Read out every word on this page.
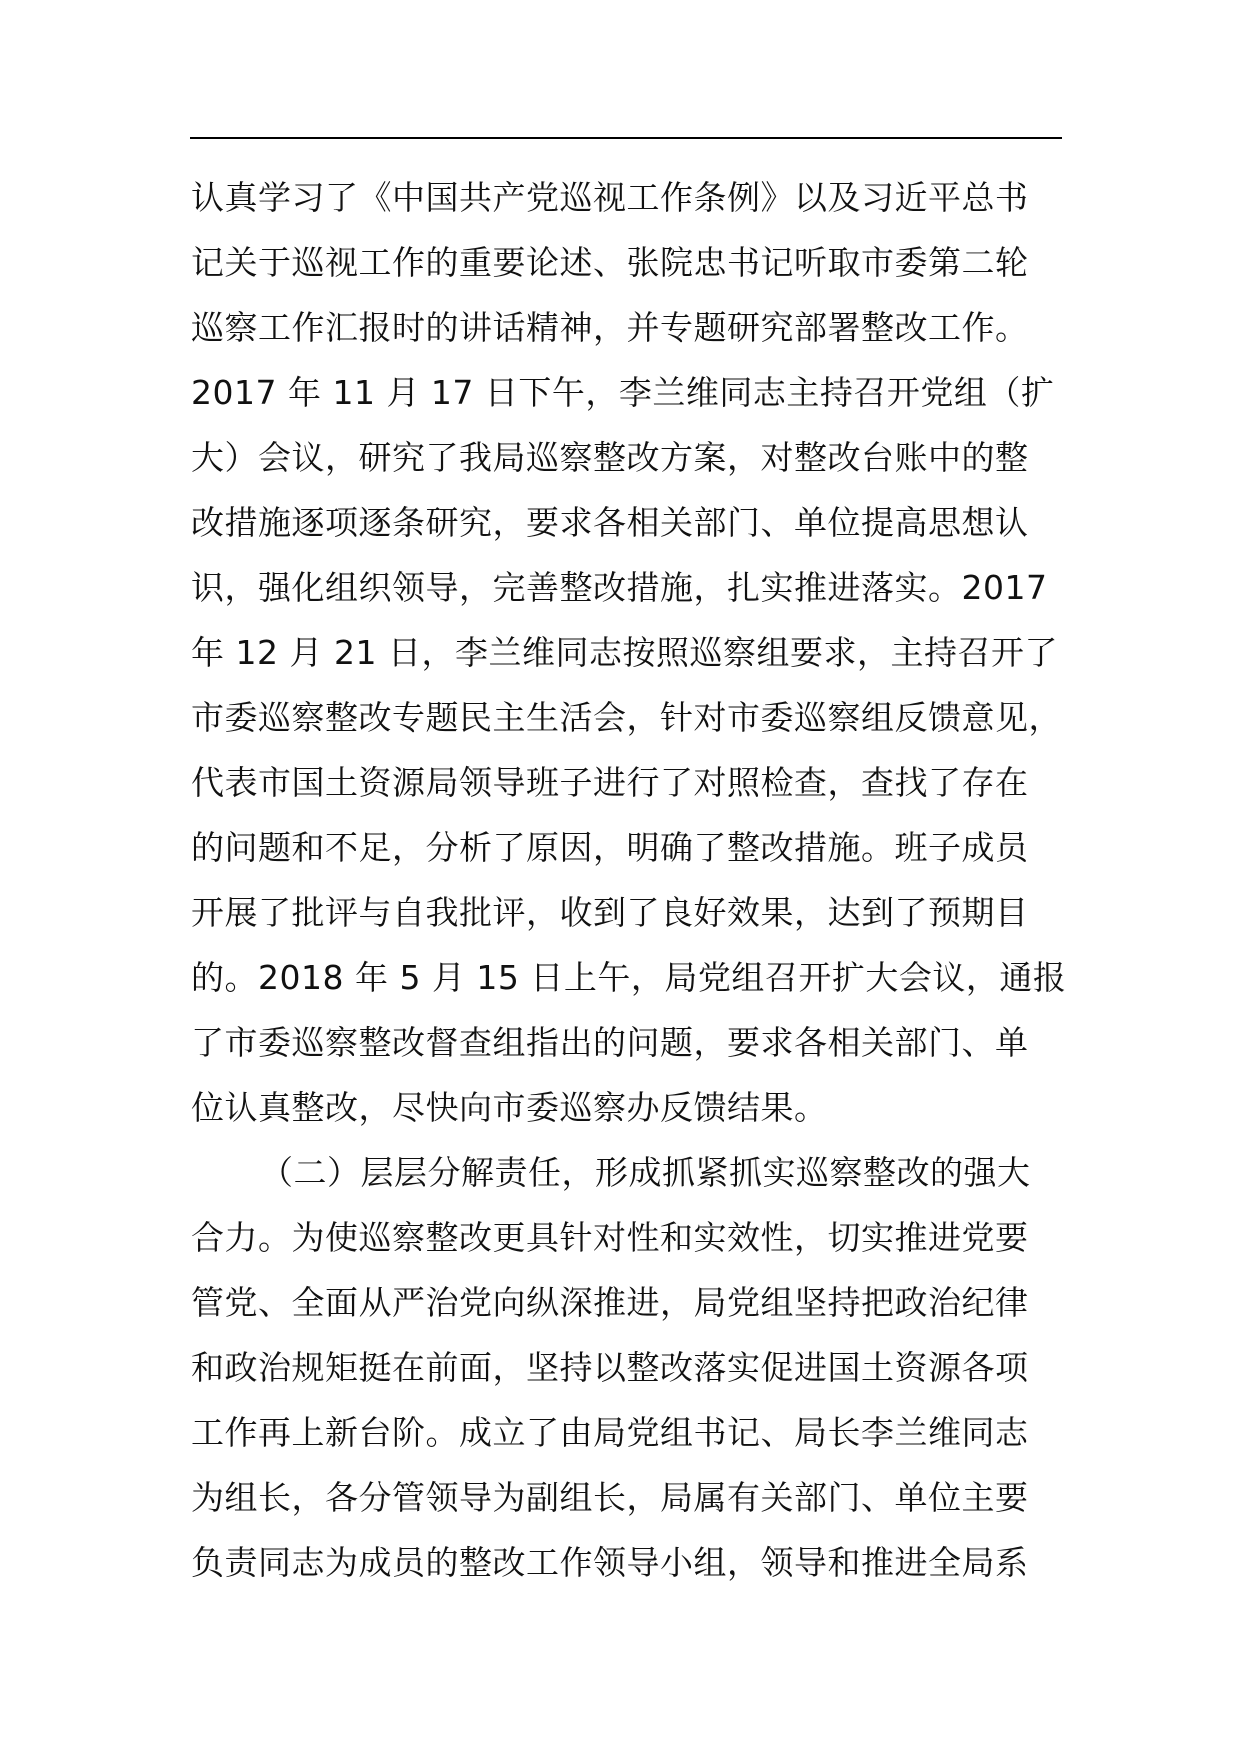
认真学习了《中国共产党巡视工作条例》以及习近平总书
记关于巡视工作的重要论述、张院忠书记听取市委第二轮
巡察工作汇报时的讲话精神，并专题研究部署整改工作。
2017 年 11 月 17 日下午，李兰维同志主持召开党组（扩
大）会议，研究了我局巡察整改方案，对整改台账中的整
改措施逐项逐条研究，要求各相关部门、单位提高思想认
识，强化组织领导，完善整改措施，扎实推进落实。2017
年 12 月 21 日，李兰维同志按照巡察组要求，主持召开了
市委巡察整改专题民主生活会，针对市委巡察组反馈意见，
代表市国土资源局领导班子进行了对照检查，查找了存在
的问题和不足，分析了原因，明确了整改措施。班子成员
开展了批评与自我批评，收到了良好效果，达到了预期目
的。2018 年 5 月 15 日上午，局党组召开扩大会议，通报
了市委巡察整改督查组指出的问题，要求各相关部门、单
位认真整改，尽快向市委巡察办反馈结果。
（二）层层分解责任，形成抓紧抓实巡察整改的强大
合力。为使巡察整改更具针对性和实效性，切实推进党要
管党、全面从严治党向纵深推进，局党组坚持把政治纪律
和政治规矩挺在前面，坚持以整改落实促进国土资源各项
工作再上新台阶。成立了由局党组书记、局长李兰维同志
为组长，各分管领导为副组长，局属有关部门、单位主要
负责同志为成员的整改工作领导小组，领导和推进全局系
